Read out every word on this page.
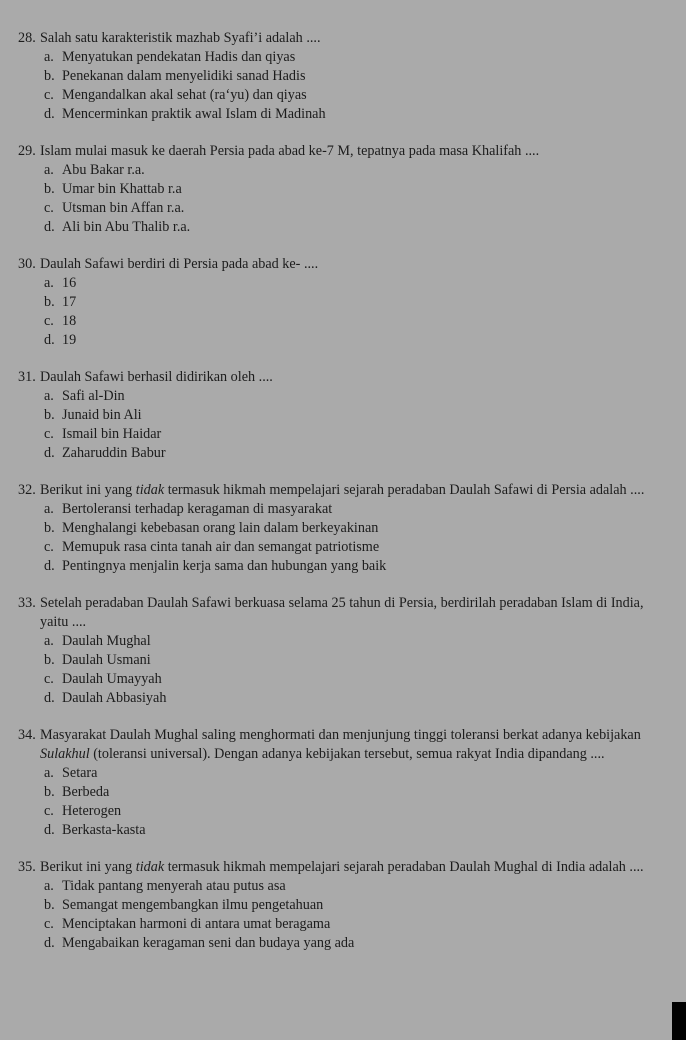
28. Salah satu karakteristik mazhab Syafi’i adalah ....
a. Menyatukan pendekatan Hadis dan qiyas
b. Penekanan dalam menyelidiki sanad Hadis
c. Mengandalkan akal sehat (ra‘yu) dan qiyas
d. Mencerminkan praktik awal Islam di Madinah
29. Islam mulai masuk ke daerah Persia pada abad ke-7 M, tepatnya pada masa Khalifah ....
a. Abu Bakar r.a.
b. Umar bin Khattab r.a
c. Utsman bin Affan r.a.
d. Ali bin Abu Thalib r.a.
30. Daulah Safawi berdiri di Persia pada abad ke- ....
a. 16
b. 17
c. 18
d. 19
31. Daulah Safawi berhasil didirikan oleh ....
a. Safi al-Din
b. Junaid bin Ali
c. Ismail bin Haidar
d. Zaharuddin Babur
32. Berikut ini yang tidak termasuk hikmah mempelajari sejarah peradaban Daulah Safawi di Persia adalah ....
a. Bertoleransi terhadap keragaman di masyarakat
b. Menghalangi kebebasan orang lain dalam berkeyakinan
c. Memupuk rasa cinta tanah air dan semangat patriotisme
d. Pentingnya menjalin kerja sama dan hubungan yang baik
33. Setelah peradaban Daulah Safawi berkuasa selama 25 tahun di Persia, berdirilah peradaban Islam di India, yaitu ....
a. Daulah Mughal
b. Daulah Usmani
c. Daulah Umayyah
d. Daulah Abbasiyah
34. Masyarakat Daulah Mughal saling menghormati dan menjunjung tinggi toleransi berkat adanya kebijakan Sulakhul (toleransi universal). Dengan adanya kebijakan tersebut, semua rakyat India dipandang ....
a. Setara
b. Berbeda
c. Heterogen
d. Berkasta-kasta
35. Berikut ini yang tidak termasuk hikmah mempelajari sejarah peradaban Daulah Mughal di India adalah ....
a. Tidak pantang menyerah atau putus asa
b. Semangat mengembangkan ilmu pengetahuan
c. Menciptakan harmoni di antara umat beragama
d. Mengabaikan keragaman seni dan budaya yang ada
